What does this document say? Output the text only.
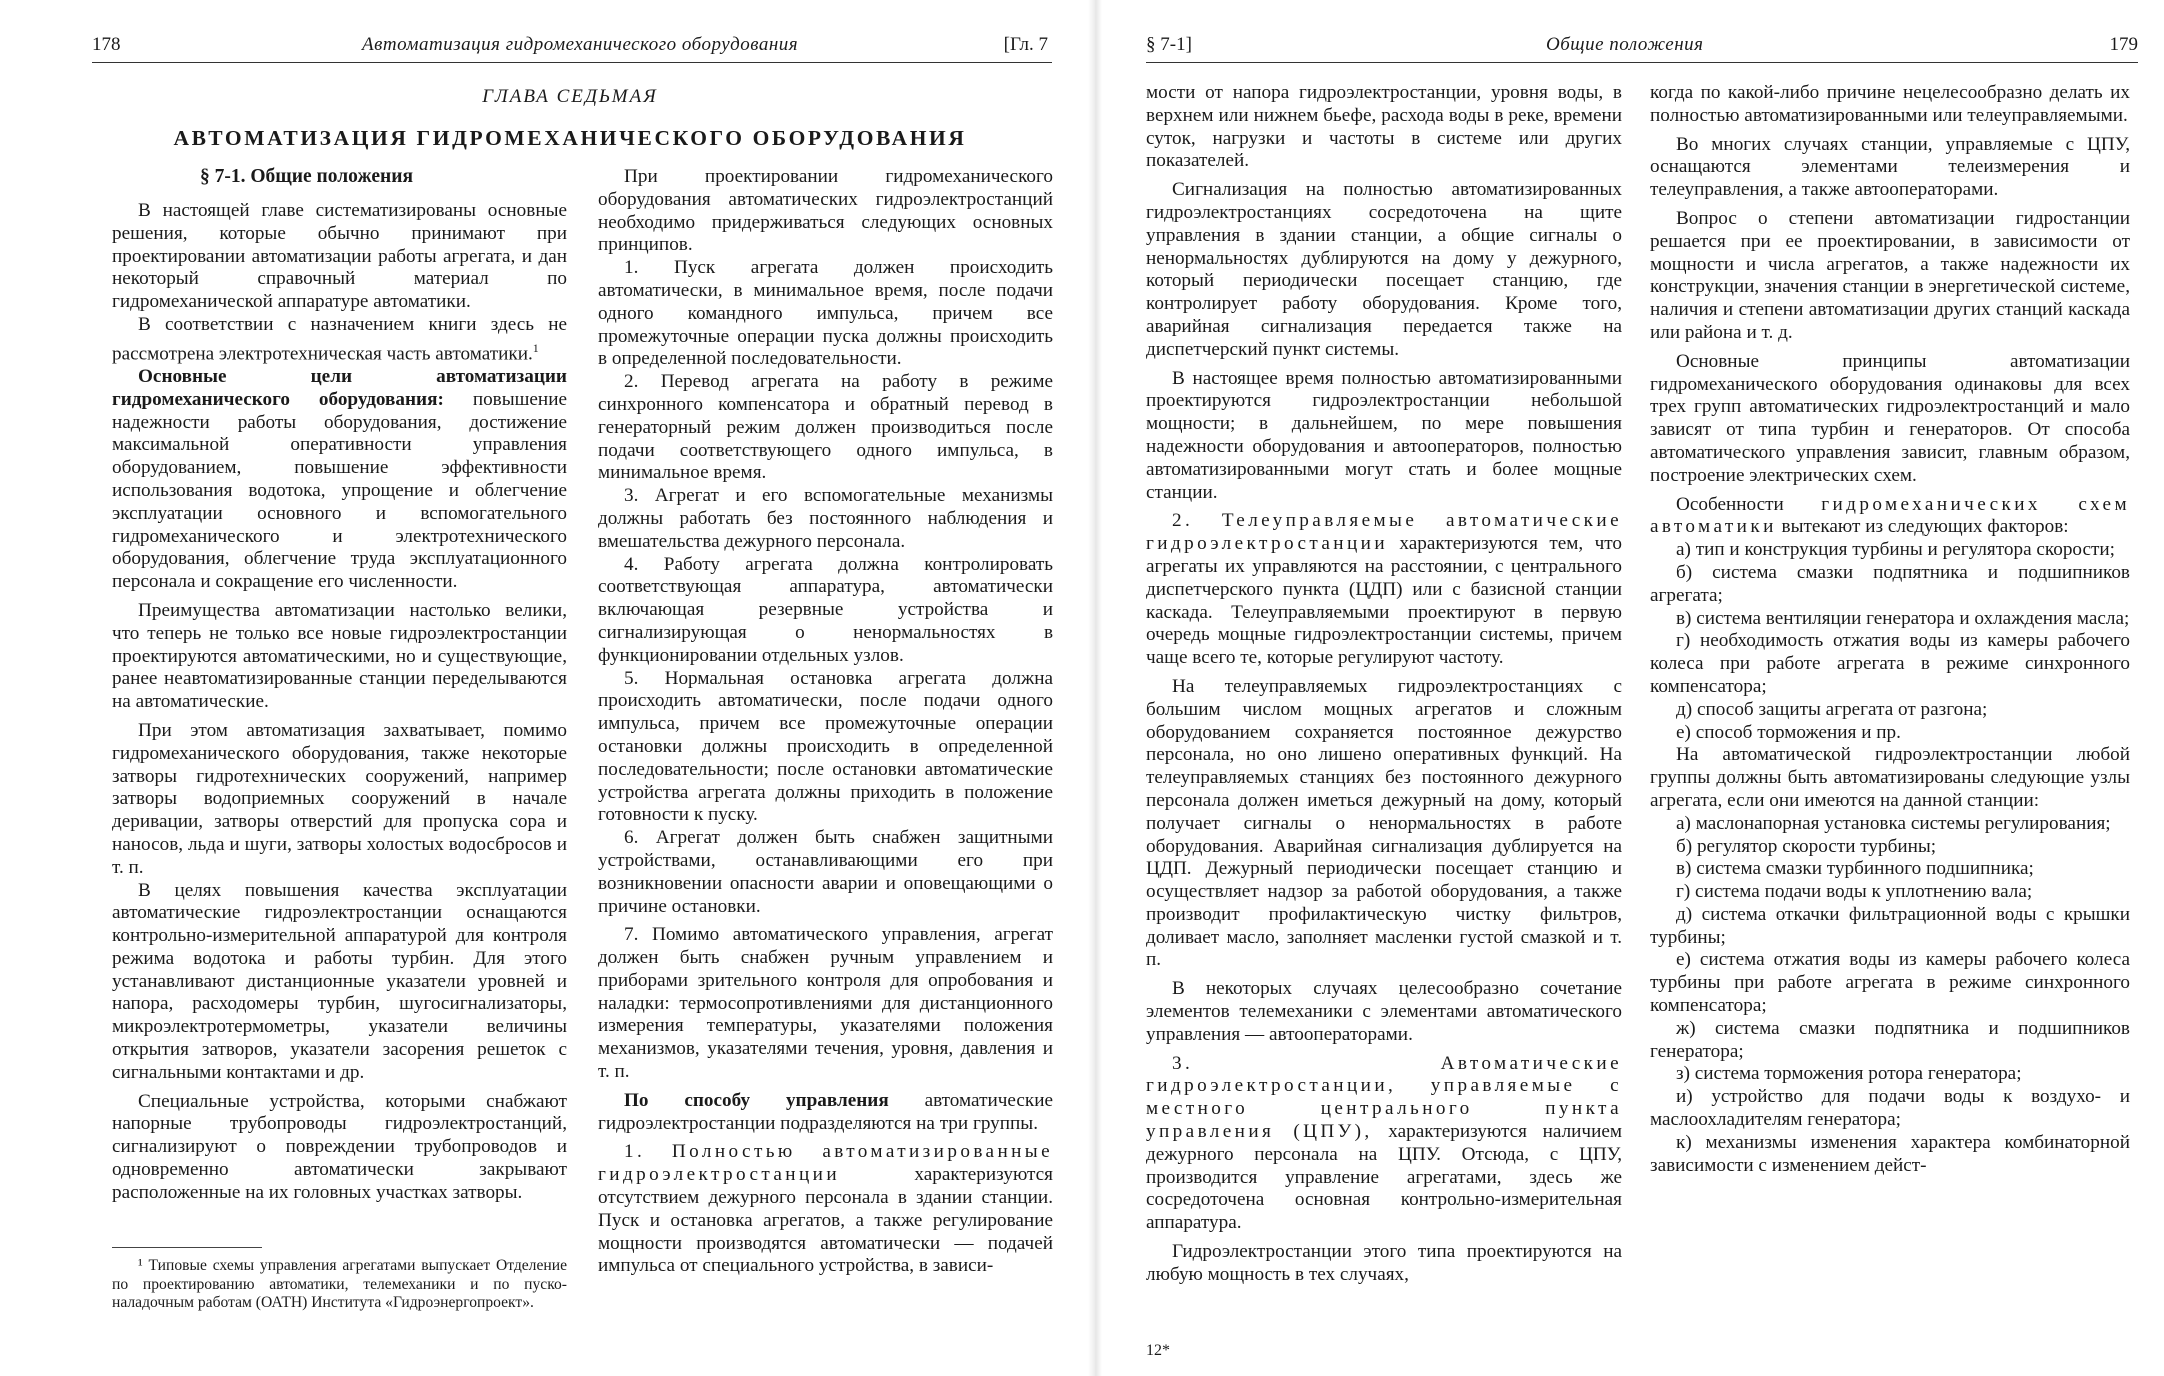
178	Автоматизация гидромеханического оборудования	[Гл. 7
ГЛАВА СЕДЬМАЯ
АВТОМАТИЗАЦИЯ ГИДРОМЕХАНИЧЕСКОГО ОБОРУДОВАНИЯ
§ 7-1. Общие положения

В настоящей главе систематизированы основные решения, которые обычно принимают при проектировании автоматизации работы агрегата, и дан некоторый справочный материал по гидромеханической аппаратуре автоматики.

В соответствии с назначением книги здесь не рассмотрена электротехническая часть автоматики.$^1$

Основные цели автоматизации гидромеханического оборудования: повышение надежности работы оборудования, достижение максимальной оперативности управления оборудованием, повышение эффективности использования водотока, упрощение и облегчение эксплуатации основного и вспомогательного гидромеханического и электротехнического оборудования, облегчение труда эксплуатационного персонала и сокращение его численности.

Преимущества автоматизации настолько велики, что теперь не только все новые гидроэлектростанции проектируются автоматическими, но и существующие, ранее неавтоматизированные станции переделываются на автоматические.

При этом автоматизация захватывает, помимо гидромеханического оборудования, также некоторые затворы гидротехнических сооружений, например затворы водоприемных сооружений в начале деривации, затворы отверстий для пропуска сора и наносов, льда и шуги, затворы холостых водосбросов и т. п.

В целях повышения качества эксплуатации автоматические гидроэлектростанции оснащаются контрольно-измерительной аппаратурой для контроля режима водотока и работы турбин. Для этого устанавливают дистанционные указатели уровней и напора, расходомеры турбин, шугосигнализаторы, микроэлектротермометры, указатели величины открытия затворов, указатели засорения решеток с сигнальными контактами и др.

Специальные устройства, которыми снабжают напорные трубопроводы гидроэлектростанций, сигнализируют о повреждении трубопроводов и одновременно автоматически закрывают расположенные на их головных участках затворы.

¹ Типовые схемы управления агрегатами выпускает Отделение по проектированию автоматики, телемеханики и по пуско-наладочным работам (ОАТН) Института «Гидроэнергопроект».

При проектировании гидромеханического оборудования автоматических гидроэлектростанций необходимо придерживаться следующих основных принципов.

1. Пуск агрегата должен происходить автоматически, в минимальное время, после подачи одного командного импульса, причем все промежуточные операции пуска должны происходить в определенной последовательности.

2. Перевод агрегата на работу в режиме синхронного компенсатора и обратный перевод в генераторный режим должен производиться после подачи соответствующего одного импульса, в минимальное время.

3. Агрегат и его вспомогательные механизмы должны работать без постоянного наблюдения и вмешательства дежурного персонала.

4. Работу агрегата должна контролировать соответствующая аппаратура, автоматически включающая резервные устройства и сигнализирующая о ненормальностях в функционировании отдельных узлов.

5. Нормальная остановка агрегата должна происходить автоматически, после подачи одного импульса, причем все промежуточные операции остановки должны происходить в определенной последовательности; после остановки автоматические устройства агрегата должны приходить в положение готовности к пуску.

6. Агрегат должен быть снабжен защитными устройствами, останавливающими его при возникновении опасности аварии и оповещающими о причине остановки.

7. Помимо автоматического управления, агрегат должен быть снабжен ручным управлением и приборами зрительного контроля для опробования и наладки: термосопротивлениями для дистанционного измерения температуры, указателями положения механизмов, указателями течения, уровня, давления и т. п.

По способу управления автоматические гидроэлектростанции подразделяются на три группы.

1. Полностью автоматизированные гидроэлектростанции характеризуются отсутствием дежурного персонала в здании станции. Пуск и остановка агрегатов, а также регулирование мощности производятся автоматически — подачей импульса от специального устройства, в зависи-

§ 7-1]	Общие положения	179

мости от напора гидроэлектростанции, уровня воды, в верхнем или нижнем бьефе, расхода воды в реке, времени суток, нагрузки и частоты в системе или других показателей.

Сигнализация на полностью автоматизированных гидроэлектростанциях сосредоточена на щите управления в здании станции, а общие сигналы о ненормальностях дублируются на дому у дежурного, который периодически посещает станцию, где контролирует работу оборудования. Кроме того, аварийная сигнализация передается также на диспетчерский пункт системы.

В настоящее время полностью автоматизированными проектируются гидроэлектростанции небольшой мощности; в дальнейшем, по мере повышения надежности оборудования и автооператоров, полностью автоматизированными могут стать и более мощные станции.

2. Телеуправляемые автоматические гидроэлектростанции характеризуются тем, что агрегаты их управляются на расстоянии, с центрального диспетчерского пункта (ЦДП) или с базисной станции каскада. Телеуправляемыми проектируют в первую очередь мощные гидроэлектростанции системы, причем чаще всего те, которые регулируют частоту.

На телеуправляемых гидроэлектростанциях с большим числом мощных агрегатов и сложным оборудованием сохраняется постоянное дежурство персонала, но оно лишено оперативных функций. На телеуправляемых станциях без постоянного дежурного персонала должен иметься дежурный на дому, который получает сигналы о ненормальностях в работе оборудования. Аварийная сигнализация дублируется на ЦДП. Дежурный периодически посещает станцию и осуществляет надзор за работой оборудования, а также производит профилактическую чистку фильтров, доливает масло, заполняет масленки густой смазкой и т. п.

В некоторых случаях целесообразно сочетание элементов телемеханики с элементами автоматического управления — автооператорами.

3. Автоматические гидроэлектростанции, управляемые с местного центрального пункта управления (ЦПУ), характеризуются наличием дежурного персонала на ЦПУ. Отсюда, с ЦПУ, производится управление агрегатами, здесь же сосредоточена основная контрольно-измерительная аппаратура.

Гидроэлектростанции этого типа проектируются на любую мощность в тех случаях,

12*

когда по какой-либо причине нецелесообразно делать их полностью автоматизированными или телеуправляемыми.

Во многих случаях станции, управляемые с ЦПУ, оснащаются элементами телеизмерения и телеуправления, а также автооператорами.

Вопрос о степени автоматизации гидростанции решается при ее проектировании, в зависимости от мощности и числа агрегатов, а также надежности их конструкции, значения станции в энергетической системе, наличия и степени автоматизации других станций каскада или района и т. д.

Основные принципы автоматизации гидромеханического оборудования одинаковы для всех трех групп автоматических гидроэлектростанций и мало зависят от типа турбин и генераторов. От способа автоматического управления зависит, главным образом, построение электрических схем.

Особенности гидромеханических схем автоматики вытекают из следующих факторов:

а) тип и конструкция турбины и регулятора скорости;

б) система смазки подпятника и подшипников агрегата;

в) система вентиляции генератора и охлаждения масла;

г) необходимость отжатия воды из камеры рабочего колеса при работе агрегата в режиме синхронного компенсатора;

д) способ защиты агрегата от разгона;

е) способ торможения и пр.

На автоматической гидроэлектростанции любой группы должны быть автоматизированы следующие узлы агрегата, если они имеются на данной станции:

а) маслонапорная установка системы регулирования;

б) регулятор скорости турбины;

в) система смазки турбинного подшипника;

г) система подачи воды к уплотнению вала;

д) система откачки фильтрационной воды с крышки турбины;

е) система отжатия воды из камеры рабочего колеса турбины при работе агрегата в режиме синхронного компенсатора;

ж) система смазки подпятника и подшипников генератора;

з) система торможения ротора генератора;

и) устройство для подачи воды к воздухо- и маслоохладителям генератора;

к) механизмы изменения характера комбинаторной зависимости с изменением дейст-
